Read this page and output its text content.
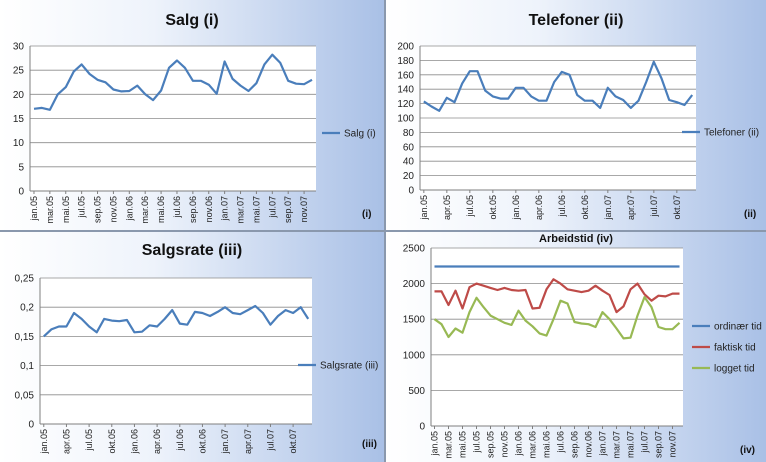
Salg (i)
0
5
10
15
20
25
30
jan.05 mar.05 mai.05 jul.05 sep.05 nov.05 jan.06 mar.06 mai.06 jul.06 sep.06 nov.06 jan.07 mar.07 mai.07 jul.07 sep.07 nov.07
Salg (i)
(i)
Telefoner (ii)
0
20
40
60
80
100
120
140
160
180
200
jan.05 apr.05 jul.05 okt.05 jan.06 apr.06 jul.06 okt.06 jan.07 apr.07 jul.07 okt.07
Telefoner (ii)
(ii)
Salgsrate (iii)
0
0,05
0,1
0,15
0,2
0,25
jan.05 apr.05 jul.05 okt.05 jan.06 apr.06 jul.06 okt.06 jan.07 apr.07 jul.07 okt.07
Salgsrate (iii)
(iii)
Arbeidstid (iv)
0
500
1000
1500
2000
2500
jan.05 mar.05 mai.05 jul.05 sep.05 nov.05 jan.06 mar.06 mai.06 jul.06 sep.06 nov.06 jan.07 mar.07 mai.07 jul.07 sep.07 nov.07
ordinær tid
faktisk tid
logget tid
(iv)
